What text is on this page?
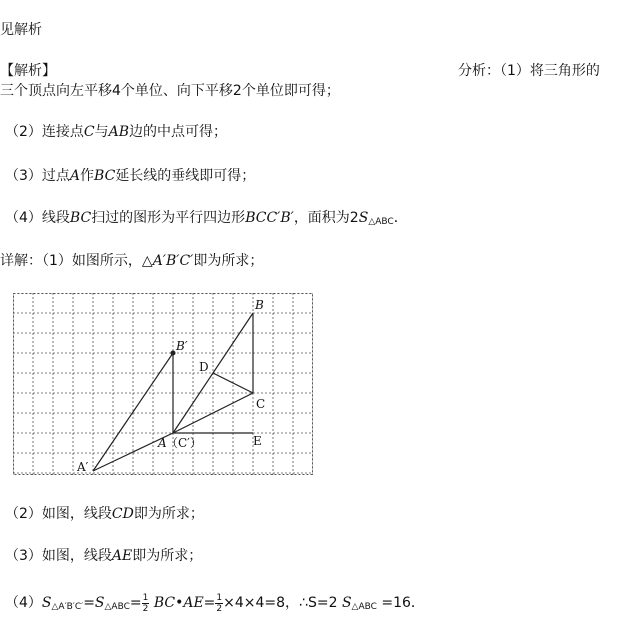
见解析
【解析】	分析：（1）将三角形的
三个顶点向左平移4个单位、向下平移2个单位即可得；
（2）连接点C与AB边的中点可得；
（3）过点A作BC延长线的垂线即可得；
（4）线段BC扫过的图形为平行四边形BCC′B′，面积为$2S_{\triangle ABC}$．
详解：（1）如图所示，△A′B′C′即为所求；
B
B′
D
C
A （C′）	E
A′
（2）如图，线段CD即为所求；
（3）如图，线段AE即为所求；
$(4)S_{\triangle A'B'C'}=S_{\triangle ABC}= \frac{1}{2}$ BC•AE= $\frac{1}{2} \times 4\times 4=8$，∴S=2 $S_{\triangle ABC} =16$．
